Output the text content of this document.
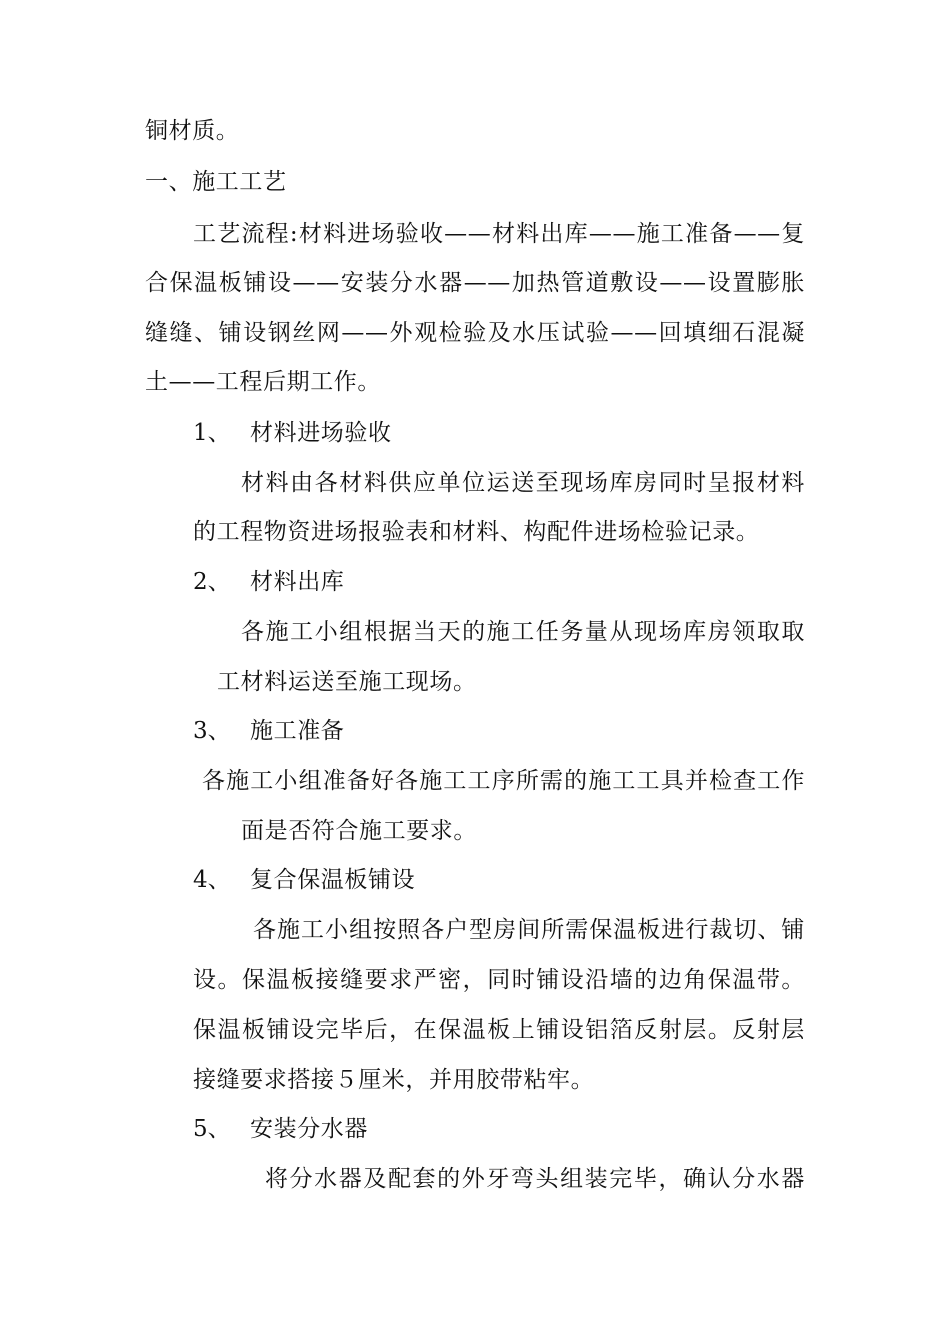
铜材质。
一、施工工艺
工艺流程:材料进场验收——材料出库——施工准备——复
合保温板铺设——安装分水器——加热管道敷设——设置膨胀
缝缝、铺设钢丝网——外观检验及水压试验——回填细石混凝
土——工程后期工作。
1、 材料进场验收
材料由各材料供应单位运送至现场库房同时呈报材料
的工程物资进场报验表和材料、构配件进场检验记录。
2、 材料出库
各施工小组根据当天的施工任务量从现场库房领取取
工材料运送至施工现场。
3、 施工准备
各施工小组准备好各施工工序所需的施工工具并检查工作
面是否符合施工要求。
4、 复合保温板铺设
各施工小组按照各户型房间所需保温板进行裁切、铺
设。保温板接缝要求严密，同时铺设沿墙的边角保温带。
保温板铺设完毕后，在保温板上铺设铝箔反射层。反射层
接缝要求搭接５厘米，并用胶带粘牢。
5、 安装分水器
将分水器及配套的外牙弯头组装完毕，确认分水器
